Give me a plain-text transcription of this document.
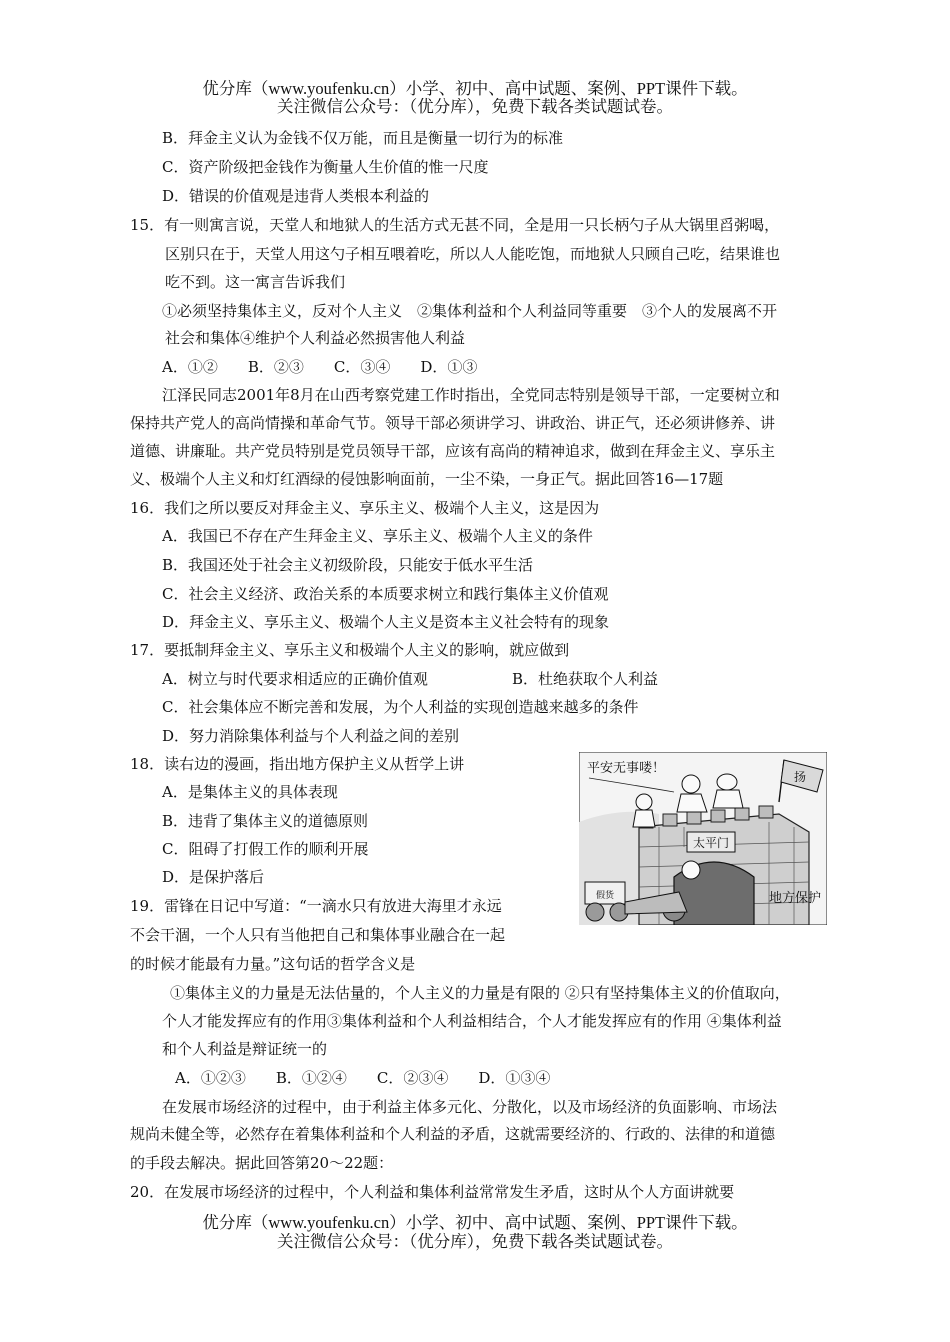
优分库（www.youfenku.cn）小学、初中、高中试题、案例、PPT课件下载。
关注微信公众号：（优分库），免费下载各类试题试卷。
B．拜金主义认为金钱不仅万能，而且是衡量一切行为的标准
C．资产阶级把金钱作为衡量人生价值的惟一尺度
D．错误的价值观是违背人类根本利益的
15．有一则寓言说，天堂人和地狱人的生活方式无甚不同，全是用一只长柄勺子从大锅里舀粥喝，
区别只在于，天堂人用这勺子相互喂着吃，所以人人能吃饱，而地狱人只顾自己吃，结果谁也
吃不到。这一寓言告诉我们
①必须坚持集体主义，反对个人主义　②集体利益和个人利益同等重要　③个人的发展离不开
社会和集体④维护个人利益必然损害他人利益
A．①②　　B．②③　　C．③④　　D．①③
江泽民同志2001年8月在山西考察党建工作时指出，全党同志特别是领导干部，一定要树立和
保持共产党人的高尚情操和革命气节。领导干部必须讲学习、讲政治、讲正气，还必须讲修养、讲
道德、讲廉耻。共产党员特别是党员领导干部，应该有高尚的精神追求，做到在拜金主义、享乐主
义、极端个人主义和灯红酒绿的侵蚀影响面前，一尘不染，一身正气。据此回答16—17题
16．我们之所以要反对拜金主义、享乐主义、极端个人主义，这是因为
A．我国已不存在产生拜金主义、享乐主义、极端个人主义的条件
B．我国还处于社会主义初级阶段，只能安于低水平生活
C．社会主义经济、政治关系的本质要求树立和践行集体主义价值观
D．拜金主义、享乐主义、极端个人主义是资本主义社会特有的现象
17．要抵制拜金主义、享乐主义和极端个人主义的影响，就应做到
A．树立与时代要求相适应的正确价值观	B．杜绝获取个人利益
C．社会集体应不断完善和发展，为个人利益的实现创造越来越多的条件
D．努力消除集体利益与个人利益之间的差别
18．读右边的漫画，指出地方保护主义从哲学上讲
A．是集体主义的具体表现
B．违背了集体主义的道德原则
C．阻碍了打假工作的顺利开展
D．是保护落后
太平门
平安无事喽！
扬
地方保护
假货
19．雷锋在日记中写道：“一滴水只有放进大海里才永远
不会干涸，一个人只有当他把自己和集体事业融合在一起
的时候才能最有力量。”这句话的哲学含义是
①集体主义的力量是无法估量的，个人主义的力量是有限的 ②只有坚持集体主义的价值取向，
个人才能发挥应有的作用③集体利益和个人利益相结合，个人才能发挥应有的作用 ④集体利益
和个人利益是辩证统一的
A．①②③　　B．①②④　　C．②③④　　D．①③④
在发展市场经济的过程中，由于利益主体多元化、分散化，以及市场经济的负面影响、市场法
规尚未健全等，必然存在着集体利益和个人利益的矛盾，这就需要经济的、行政的、法律的和道德
的手段去解决。据此回答第20～22题：
20．在发展市场经济的过程中，个人利益和集体利益常常发生矛盾，这时从个人方面讲就要
优分库（www.youfenku.cn）小学、初中、高中试题、案例、PPT课件下载。
关注微信公众号：（优分库），免费下载各类试题试卷。
